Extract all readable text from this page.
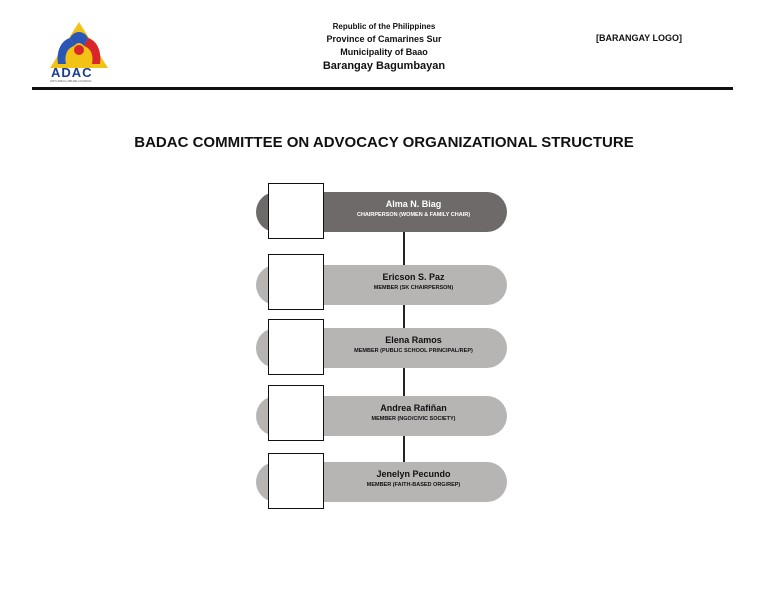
ADAC
ANTI-DRUG ABUSE COUNCIL
Republic of the Philippines
Province of Camarines Sur
Municipality of Baao
Barangay Bagumbayan
[BARANGAY LOGO]
BADAC COMMITTEE ON ADVOCACY ORGANIZATIONAL STRUCTURE
Alma N. Biag
CHAIRPERSON (WOMEN & FAMILY CHAIR)
Ericson S. Paz
MEMBER (SK CHAIRPERSON)
Elena Ramos
MEMBER (PUBLIC SCHOOL PRINCIPAL/REP)
Andrea Rafiñan
MEMBER (NGO/CIVIC SOCIETY)
Jenelyn Pecundo
MEMBER (FAITH-BASED ORG/REP)
